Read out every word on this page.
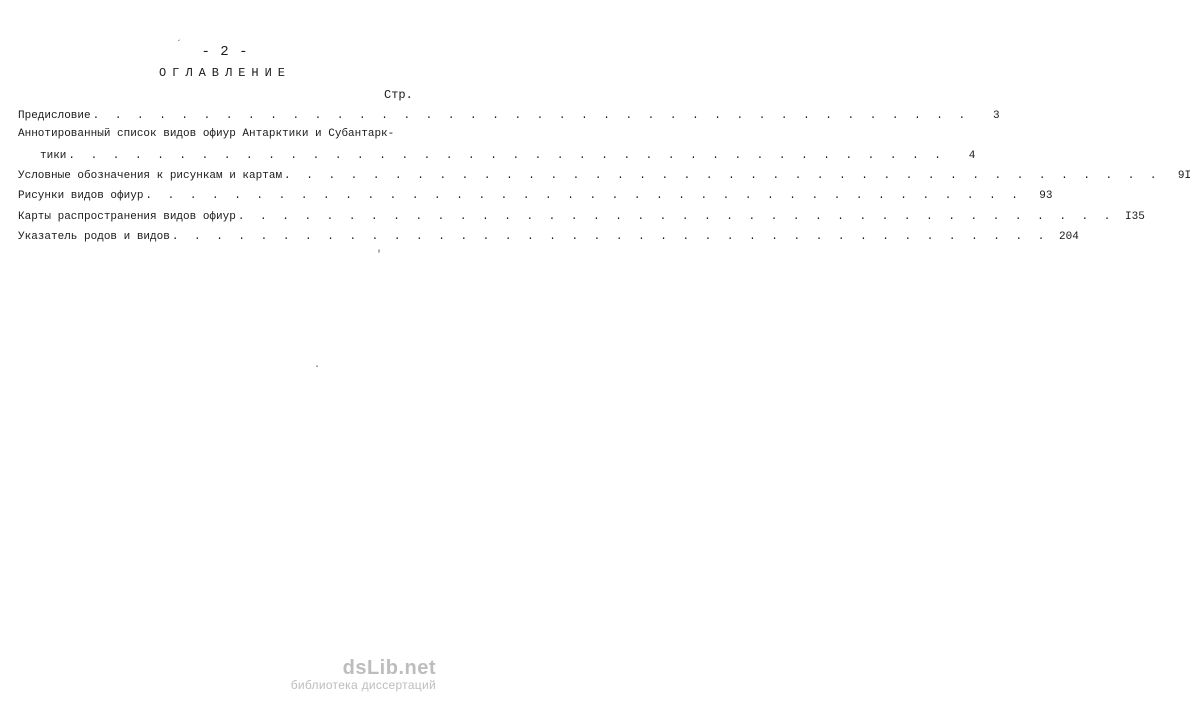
´	- 2 -
ОГЛАВЛЕНИЕ
Стр.
Предисловие . . . . . . . . . . . . . . . . . . . . . . . . . . . . . . . . . . . . . . . .	3
Аннотированный список видов офиур Антарктики и Субантарк-
тики . . . . . . . . . . . . . . . . . . . . . . . . . . . . . . . . . . . . . . . .	4
Условные обозначения к рисункам и картам . . . . . . . . . . . . . . . . . . . . . . . . . . . . . . . . . . . . . . . .	9I
Рисунки видов офиур . . . . . . . . . . . . . . . . . . . . . . . . . . . . . . . . . . . . . . . .	93
Карты распространения видов офиур . . . . . . . . . . . . . . . . . . . . . . . . . . . . . . . . . . . . . . . . I35
Указатель родов и видов . . . . . . . . . . . . . . . . . . . . . . . . . . . . . . . . . . . . . . . . 204
'
·
dsLib.net
библиотека диссертаций
